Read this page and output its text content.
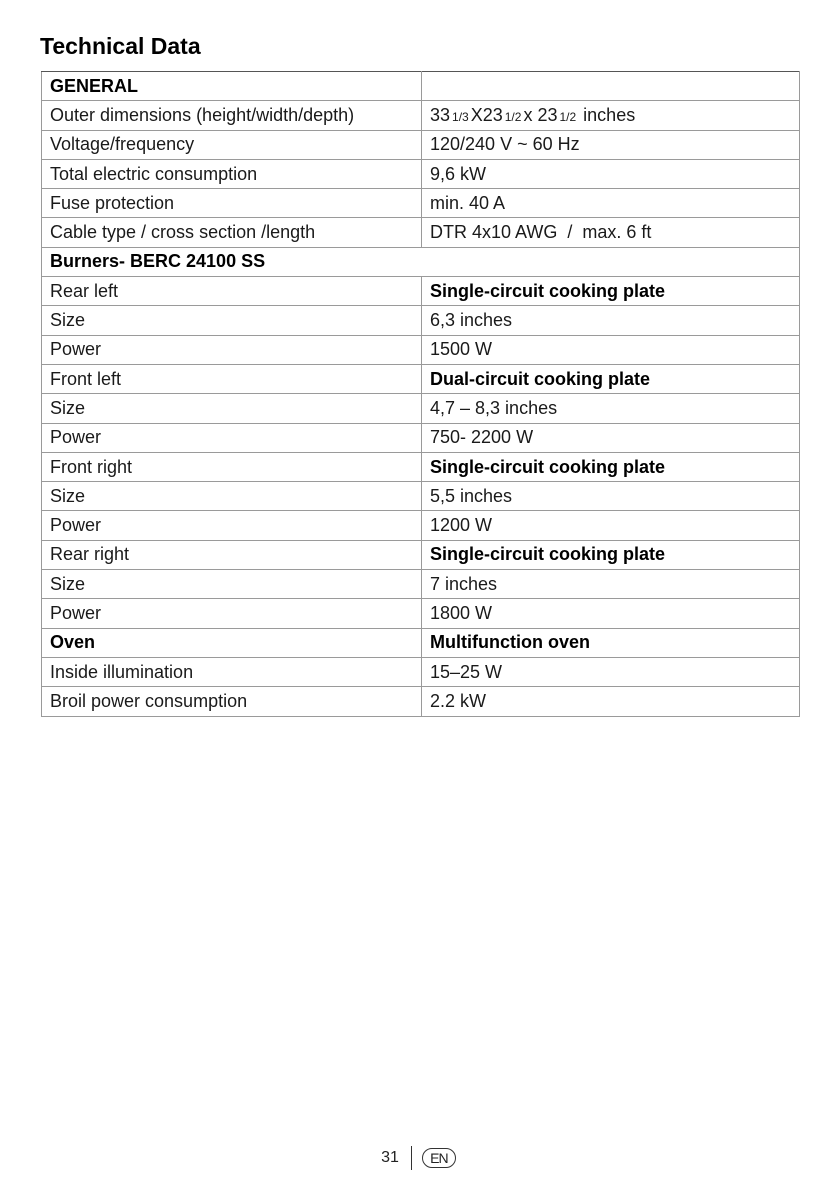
Technical Data
GENERAL	
Outer dimensions (height/width/depth)	33 1/3 X23 1/2 x 23 1/2 inches
Voltage/frequency	120/240 V ~ 60 Hz
Total electric consumption	9,6 kW
Fuse protection	min. 40 A
Cable type / cross section /length	DTR 4x10 AWG  /  max. 6 ft
Burners- BERC 24100 SS	
Rear left	Single-circuit cooking plate
Size	6,3 inches
Power	1500 W
Front left	Dual-circuit cooking plate
Size	4,7 – 8,3 inches
Power	750- 2200 W
Front right	Single-circuit cooking plate
Size	5,5 inches
Power	1200 W
Rear right	Single-circuit cooking plate
Size	7 inches
Power	1800 W
Oven	Multifunction oven
Inside illumination	15–25 W
Broil power consumption	2.2 kW
31	EN
